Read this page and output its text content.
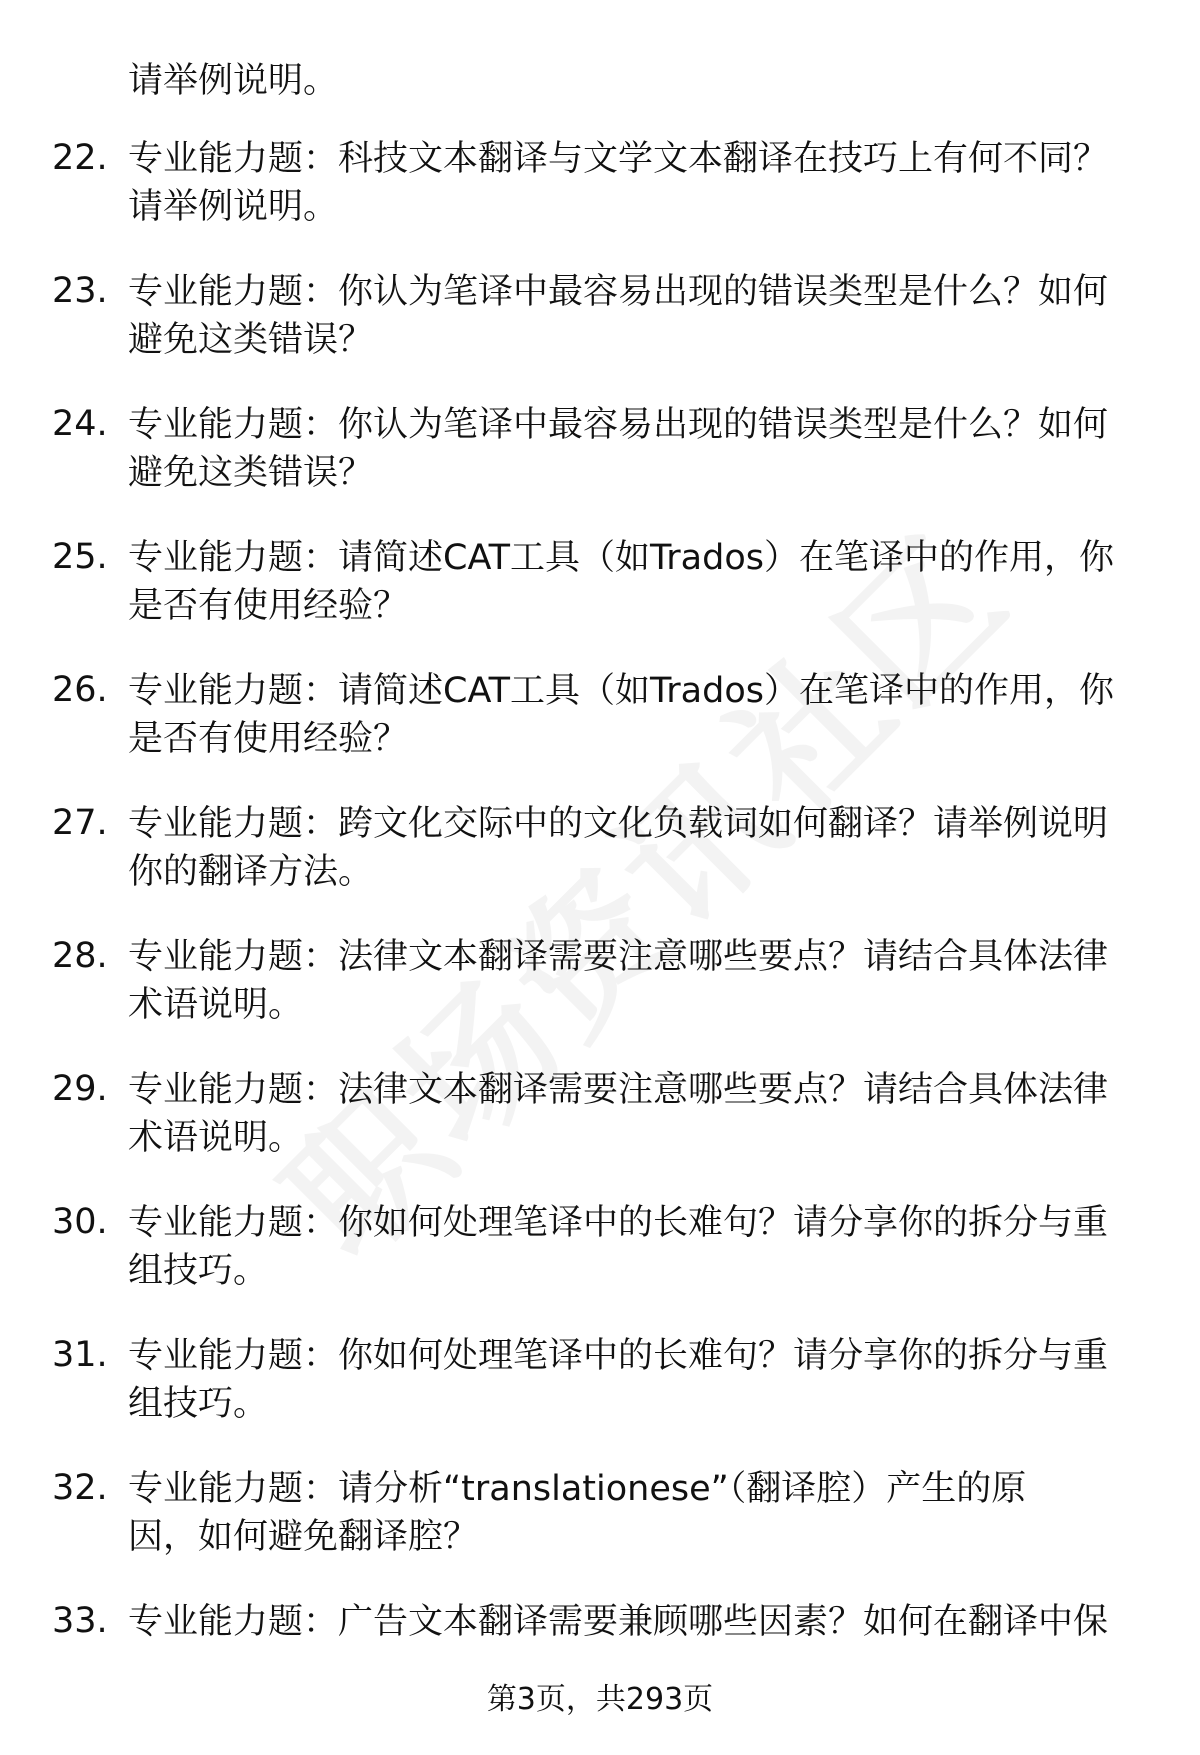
请举例说明。
22. 专业能力题：科技文本翻译与文学文本翻译在技巧上有何不同？
请举例说明。
23. 专业能力题：你认为笔译中最容易出现的错误类型是什么？如何
避免这类错误？
24. 专业能力题：你认为笔译中最容易出现的错误类型是什么？如何
避免这类错误？
25. 专业能力题：请简述CAT工具（如Trados）在笔译中的作用，你
是否有使用经验？
26. 专业能力题：请简述CAT工具（如Trados）在笔译中的作用，你
是否有使用经验？
27. 专业能力题：跨文化交际中的文化负载词如何翻译？请举例说明
你的翻译方法。
28. 专业能力题：法律文本翻译需要注意哪些要点？请结合具体法律
术语说明。
29. 专业能力题：法律文本翻译需要注意哪些要点？请结合具体法律
术语说明。
30. 专业能力题：你如何处理笔译中的长难句？请分享你的拆分与重
组技巧。
31. 专业能力题：你如何处理笔译中的长难句？请分享你的拆分与重
组技巧。
32. 专业能力题：请分析“translationese”（翻译腔）产生的原
因，如何避免翻译腔？
33. 专业能力题：广告文本翻译需要兼顾哪些因素？如何在翻译中保
第3页，共293页
